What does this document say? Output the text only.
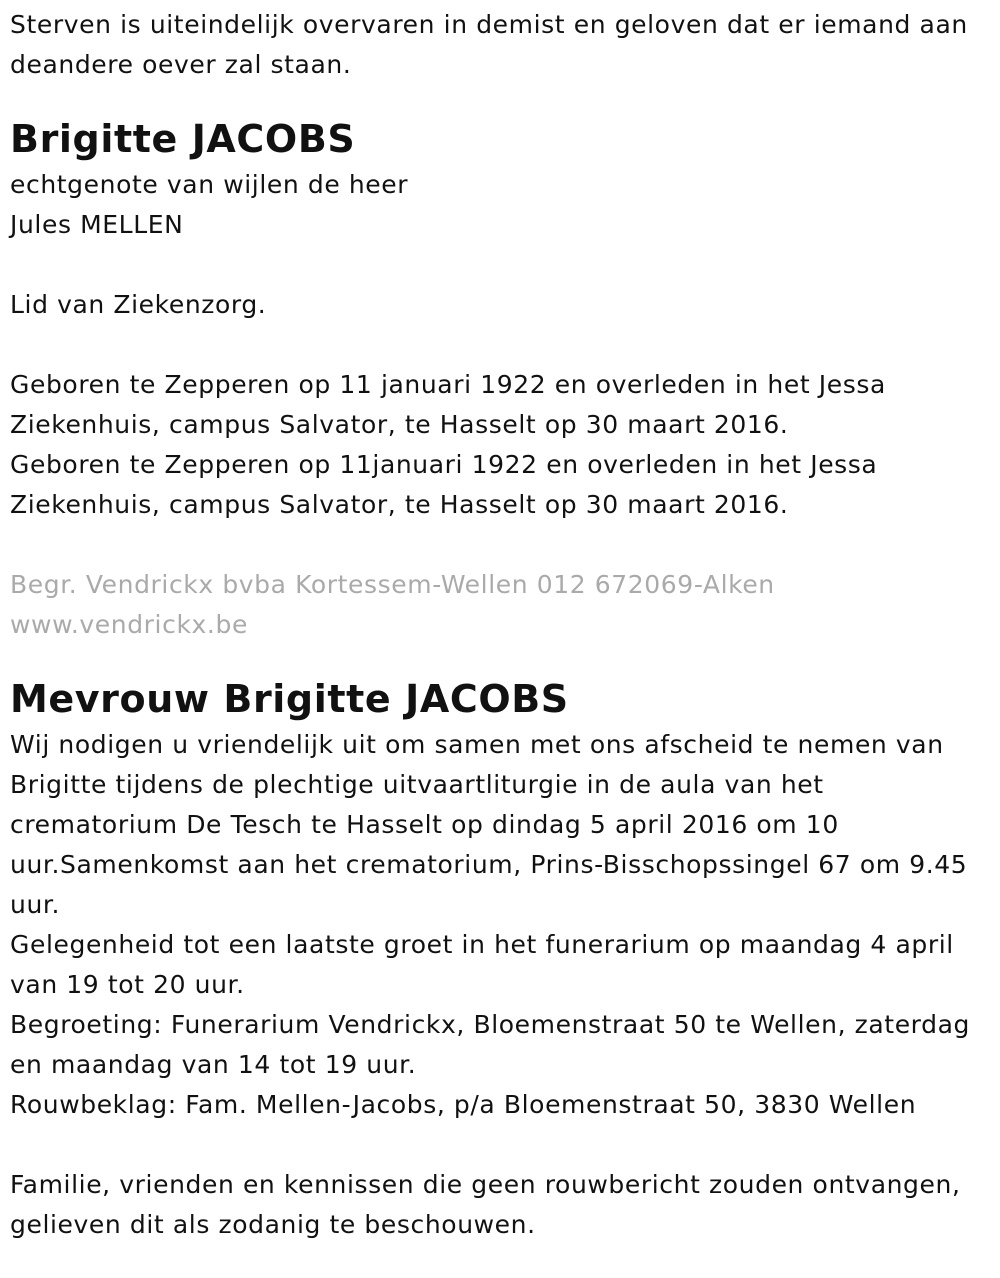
Sterven is uiteindelijk overvaren in demist en geloven dat er iemand aan

deandere oever zal staan.

Brigitte JACOBS

echtgenote van wijlen de heer

Jules MELLEN

Lid van Ziekenzorg.

Geboren te Zepperen op 11 januari 1922 en overleden in het Jessa

Ziekenhuis, campus Salvator, te Hasselt op 30 maart 2016.

Geboren te Zepperen op 11januari 1922 en overleden in het Jessa

Ziekenhuis, campus Salvator, te Hasselt op 30 maart 2016.

Begr. Vendrickx bvba Kortessem-Wellen 012 672069-Alken

www.vendrickx.be

Mevrouw Brigitte JACOBS

Wij nodigen u vriendelijk uit om samen met ons afscheid te nemen van

Brigitte tijdens de plechtige uitvaartliturgie in de aula van het

crematorium De Tesch te Hasselt op dindag 5 april 2016 om 10

uur.Samenkomst aan het crematorium, Prins-Bisschopssingel 67 om 9.45

uur.

Gelegenheid tot een laatste groet in het funerarium op maandag 4 april

van 19 tot 20 uur.

Begroeting: Funerarium Vendrickx, Bloemenstraat 50 te Wellen, zaterdag

en maandag van 14 tot 19 uur.

Rouwbeklag: Fam. Mellen-Jacobs, p/a Bloemenstraat 50, 3830 Wellen

Familie, vrienden en kennissen die geen rouwbericht zouden ontvangen,

gelieven dit als zodanig te beschouwen.
